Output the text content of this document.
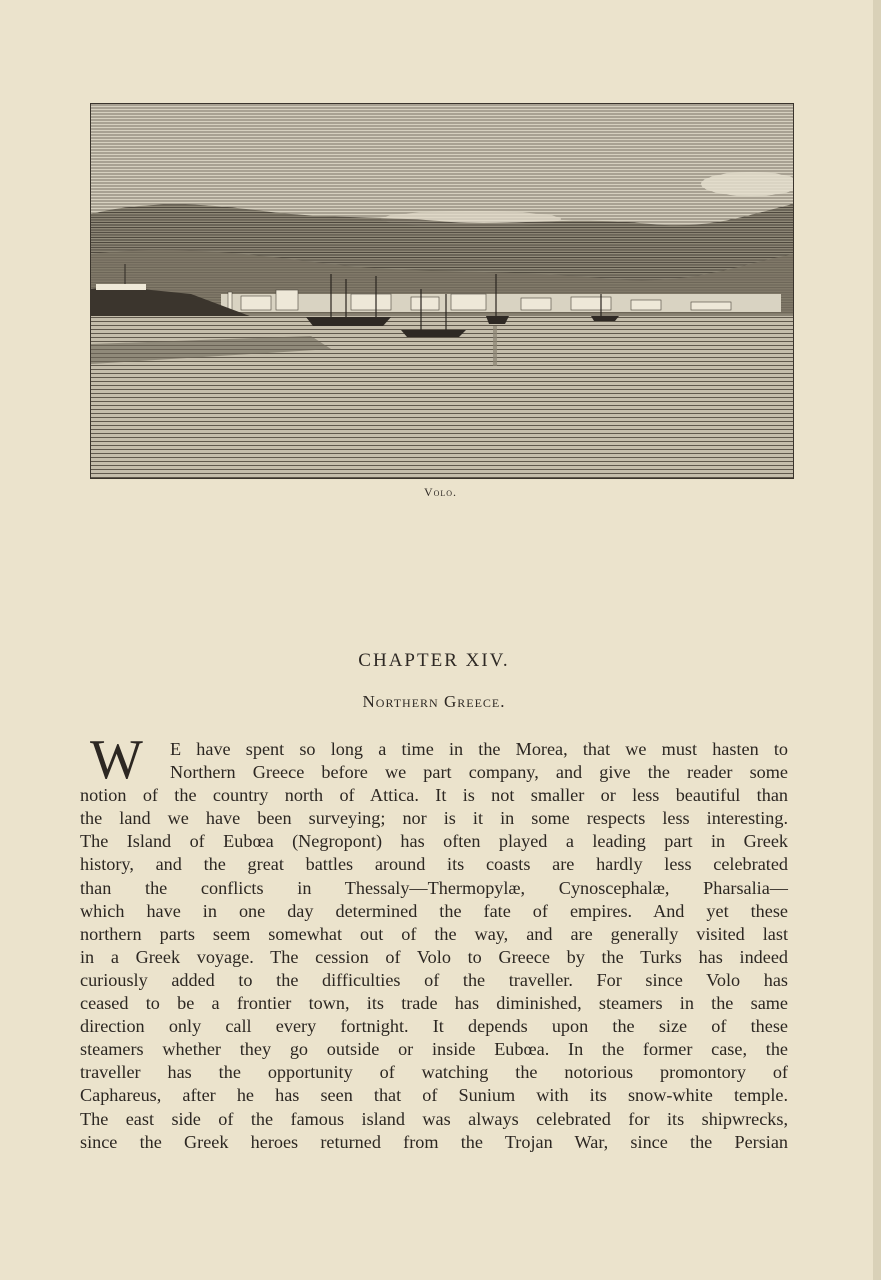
Volo.
CHAPTER XIV.
Northern Greece.
W	E have spent so long a time in the Morea, that we must hasten to
Northern Greece before we part company, and give the reader some
notion of the country north of Attica. It is not smaller or less beautiful than
the land we have been surveying; nor is it in some respects less interesting.
The Island of Eubœa (Negropont) has often played a leading part in Greek
history, and the great battles around its coasts are hardly less celebrated
than the conflicts in Thessaly—Thermopylæ, Cynoscephalæ, Pharsalia—
which have in one day determined the fate of empires. And yet these
northern parts seem somewhat out of the way, and are generally visited last
in a Greek voyage. The cession of Volo to Greece by the Turks has indeed
curiously added to the difficulties of the traveller. For since Volo has
ceased to be a frontier town, its trade has diminished, steamers in the same
direction only call every fortnight. It depends upon the size of these
steamers whether they go outside or inside Eubœa. In the former case, the
traveller has the opportunity of watching the notorious promontory of
Caphareus, after he has seen that of Sunium with its snow-white temple.
The east side of the famous island was always celebrated for its shipwrecks,
since the Greek heroes returned from the Trojan War, since the Persian
